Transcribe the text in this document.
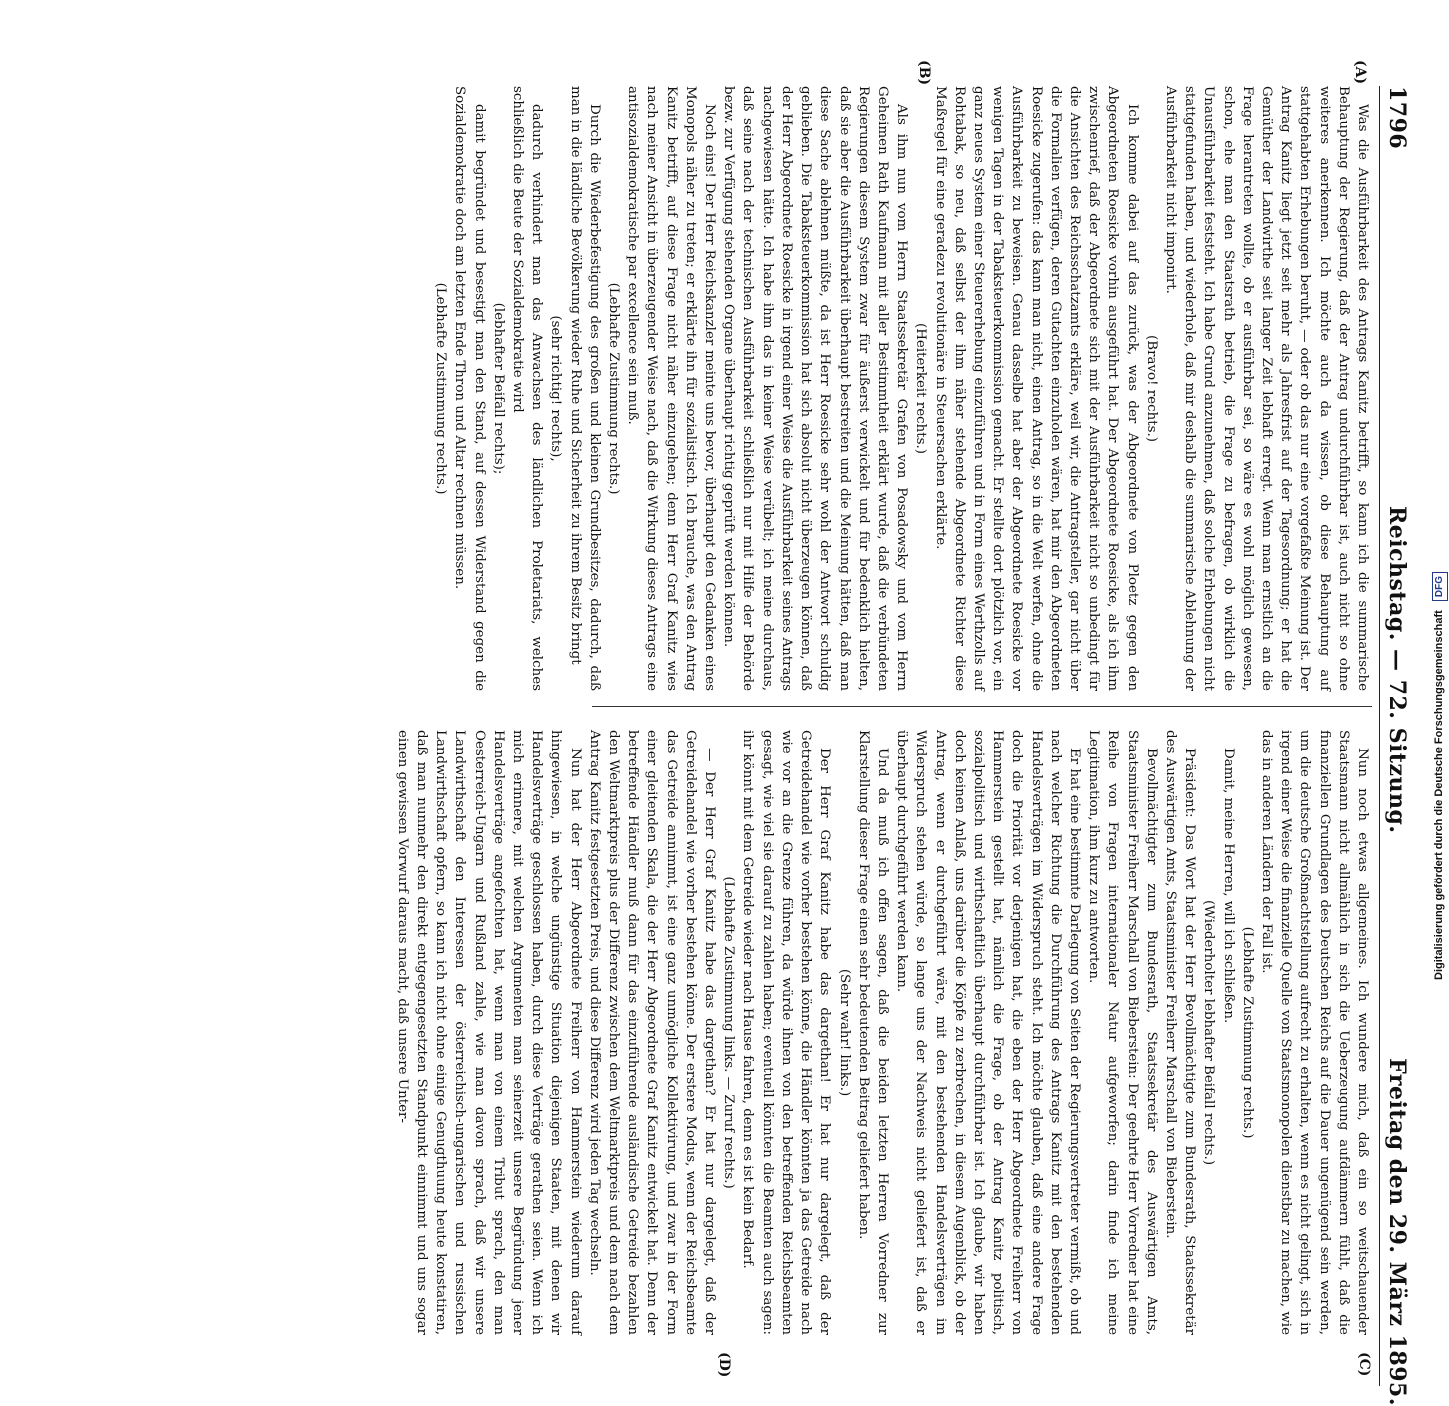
1796
Reichstag. — 72. Sitzung.
Freitag den 29. März 1895.
(A)
(B)
(C)
(D)

Was die Ausführbarkeit des Antrags Kanitz betrifft, so kann ich die summarische Behauptung der Regierung, daß der Antrag undurchführbar ist, auch nicht so ohne weiteres anerkennen. Ich möchte auch da wissen, ob diese Behauptung auf stattgehabten Erhebungen beruht, — oder ob das nur eine vorgefaßte Meinung ist. Der Antrag Kanitz liegt jetzt seit mehr als Jahresfrist auf der Tagesordnung; er hat die Gemüther der Landwirthe seit langer Zeit lebhaft erregt. Wenn man ernstlich an die Frage herantreten wollte, ob er ausführbar sei, so wäre es wohl möglich gewesen, schon, ehe man den Staatsrath betrieb, die Frage zu befragen, ob wirklich die Unausführbarkeit feststeht. Ich habe Grund anzunehmen, daß solche Erhebungen nicht stattgefunden haben, und wiederhole, daß mir deshalb die summarische Ablehnung der Ausführbarkeit nicht imponirt.

(Bravo! rechts.)

Ich komme dabei auf das zurück, was der Abgeordnete von Ploetz gegen den Abgeordneten Roesicke vorhin ausgeführt hat. Der Abgeordnete Roesicke, als ich ihm zwischenrief, daß der Abgeordnete sich mit der Ausführbarkeit nicht so unbedingt für die Ansichten des Reichsschatzamts erkläre, weil wir, die Antragsteller, gar nicht über die Formalien verfügen, deren Gutachten einzuholen wären, hat mir den Abgeordneten Roesicke zugerufen: das kann man nicht, einen Antrag, so in die Welt werfen, ohne die Ausführbarkeit zu beweisen. Genau dasselbe hat aber der Abgeordnete Roesicke vor wenigen Tagen in der Tabaksteuerkommission gemacht. Er stellte dort plötzlich vor, ein ganz neues System einer Steuererhebung einzuführen und in Form eines Werthzolls auf Rohtabak, so neu, daß selbst der ihm näher stehende Abgeordnete Richter diese Maßregel für eine geradezu revolutionäre in Steuersachen erklärte.

(Heiterkeit rechts.)

Als ihm nun vom Herrn Staatssekretär Grafen von Posadowsky und vom Herrn Geheimen Rath Kaufmann mit aller Bestimmtheit erklärt wurde, daß die verbündeten Regierungen diesem System zwar für äußerst verwickelt und für bedenklich hielten, daß sie aber die Ausführbarkeit überhaupt bestreiten und die Meinung hätten, daß man diese Sache ablehnen müßte, da ist Herr Roesicke sehr wohl der Antwort schuldig geblieben. Die Tabaksteuerkommission hat sich absolut nicht überzeugen können, daß der Herr Abgeordnete Roesicke in irgend einer Weise die Ausführbarkeit seines Antrags nachgewiesen hätte. Ich habe ihm das in keiner Weise verübelt; ich meine durchaus, daß seine nach der technischen Ausführbarkeit schließlich nur mit Hilfe der Behörde bezw. zur Verfügung stehenden Organe überhaupt richtig geprüft werden können.

Noch eins! Der Herr Reichskanzler meinte uns bevor, überhaupt den Gedanken eines Monopols näher zu treten; er erklärte ihn für sozialistisch. Ich brauche, was den Antrag Kanitz betrifft, auf diese Frage nicht näher einzugehen; denn Herr Graf Kanitz wies nach meiner Ansicht in überzeugender Weise nach, daß die Wirkung dieses Antrags eine antisozialdemokratische par excellence sein muß.

(Lebhafte Zustimmung rechts.)

Durch die Wiederbefestigung des großen und kleinen Grundbesitzes, dadurch, daß man in die ländliche Bevölkerung wieder Ruhe und Sicherheit zu ihrem Besitz bringt

(sehr richtig! rechts),

dadurch verhindert man das Anwachsen des ländlichen Proletariats, welches schließlich die Beute der Sozialdemokratie wird

(lebhafter Beifall rechts);

damit begründet und besestigt man den Stand, auf dessen Widerstand gegen die Sozialdemokratie doch am letzten Ende Thron und Altar rechnen müssen.

(Lebhafte Zustimmung rechts.)

Nun noch etwas allgemeines. Ich wundere mich, daß ein so weitschauender Staatsmann nicht allmählich in sich die Ueberzeugung aufdämmern fühlt, daß die finanziellen Grundlagen des Deutschen Reichs auf die Dauer ungenügend sein werden, um die deutsche Großmachtstellung aufrecht zu erhalten, wenn es nicht gelingt, sich in irgend einer Weise die finanzielle Quelle von Staatsmonopolen dienstbar zu machen, wie das in anderen Ländern der Fall ist.

(Lebhafte Zustimmung rechts.)

Damit, meine Herren, will ich schließen.

(Wiederholter lebhafter Beifall rechts.)

Präsident: Das Wort hat der Herr Bevollmächtigte zum Bundesrath, Staatssekretär des Auswärtigen Amts, Staatsminister Freiherr Marschall von Bieberstein.

Bevollmächtigter zum Bundesrath, Staatssekretär des Auswärtigen Amts, Staatsminister Freiherr Marschall von Bieberstein: Der geehrte Herr Vorredner hat eine Reihe von Fragen internationaler Natur aufgeworfen; darin finde ich meine Legitimation, ihm kurz zu antworten.

Er hat eine bestimmte Darlegung von Seiten der Regierungsvertreter vermißt, ob und nach welcher Richtung die Durchführung des Antrags Kanitz mit den bestehenden Handelsverträgen im Widerspruch steht. Ich möchte glauben, daß eine andere Frage doch die Priorität vor derjenigen hat, die eben der Herr Abgeordnete Freiherr von Hammerstein gestellt hat, nämlich die Frage, ob der Antrag Kanitz politisch, sozialpolitisch und wirthschaftlich überhaupt durchführbar ist. Ich glaube, wir haben doch keinen Anlaß, uns darüber die Köpfe zu zerbrechen, in diesem Augenblick, ob der Antrag, wenn er durchgeführt wäre, mit den bestehenden Handelsverträgen im Widerspruch stehen würde, so lange uns der Nachweis nicht geliefert ist, daß er überhaupt durchgeführt werden kann.

Und da muß ich offen sagen, daß die beiden letzten Herren Vorredner zur Klarstellung dieser Frage einen sehr bedeutenden Beitrag geliefert haben.

(Sehr wahr! links.)

Der Herr Graf Kanitz habe das dargethan! Er hat nur dargelegt, daß der Getreidehandel wie vorher bestehen könne, die Händler könnten ja das Getreide nach wie vor an die Grenze führen, da würde ihnen von den betreffenden Reichsbeamten gesagt, wie viel sie darauf zu zahlen haben; eventuell könnten die Beamten auch sagen: ihr könnt mit dem Getreide wieder nach Hause fahren, denn es ist kein Bedarf.

(Lebhafte Zustimmung links. — Zuruf rechts.)

— Der Herr Graf Kanitz habe das dargethan? Er hat nur dargelegt, daß der Getreidehandel wie vorher bestehen könne. Der erstere Modus, wenn der Reichsbeamte das Getreide annimmt, ist eine ganz unmögliche Kollektivirung, und zwar in der Form einer gleitenden Skala, die der Herr Abgeordnete Graf Kanitz entwickelt hat. Denn der betreffende Händler muß dann für das einzuführende ausländische Getreide bezahlen den Weltmarktpreis plus der Differenz zwischen dem Weltmarktpreis und dem nach dem Antrag Kanitz festgesetzten Preis, und diese Differenz wird jeden Tag wechseln.

Nun hat der Herr Abgeordnete Freiherr von Hammerstein wiederum darauf hingewiesen, in welche ungünstige Situation diejenigen Staaten, mit denen wir Handelsverträge geschlossen haben, durch diese Verträge gerathen seien. Wenn ich mich erinnere, mit welchen Argumenten man seinerzeit unsere Begründung jener Handelsverträge angefochten hat, wenn man von einem Tribut sprach, den man Oesterreich-Ungarn und Rußland zahle, wie man davon sprach, daß wir unsere Landwirthschaft den Interessen der österreichisch-ungarischen und russischen Landwirthschaft opfern, so kann ich nicht ohne einige Genugthuung heute konstatiren, daß man nunmehr den direkt entgegengesetzten Standpunkt einnimmt und uns sogar einen gewissen Vorwurf daraus macht, daß unsere Unter-	Digitalisierung gefördert durch die Deutsche Forschungsgemeinschaft DFG
